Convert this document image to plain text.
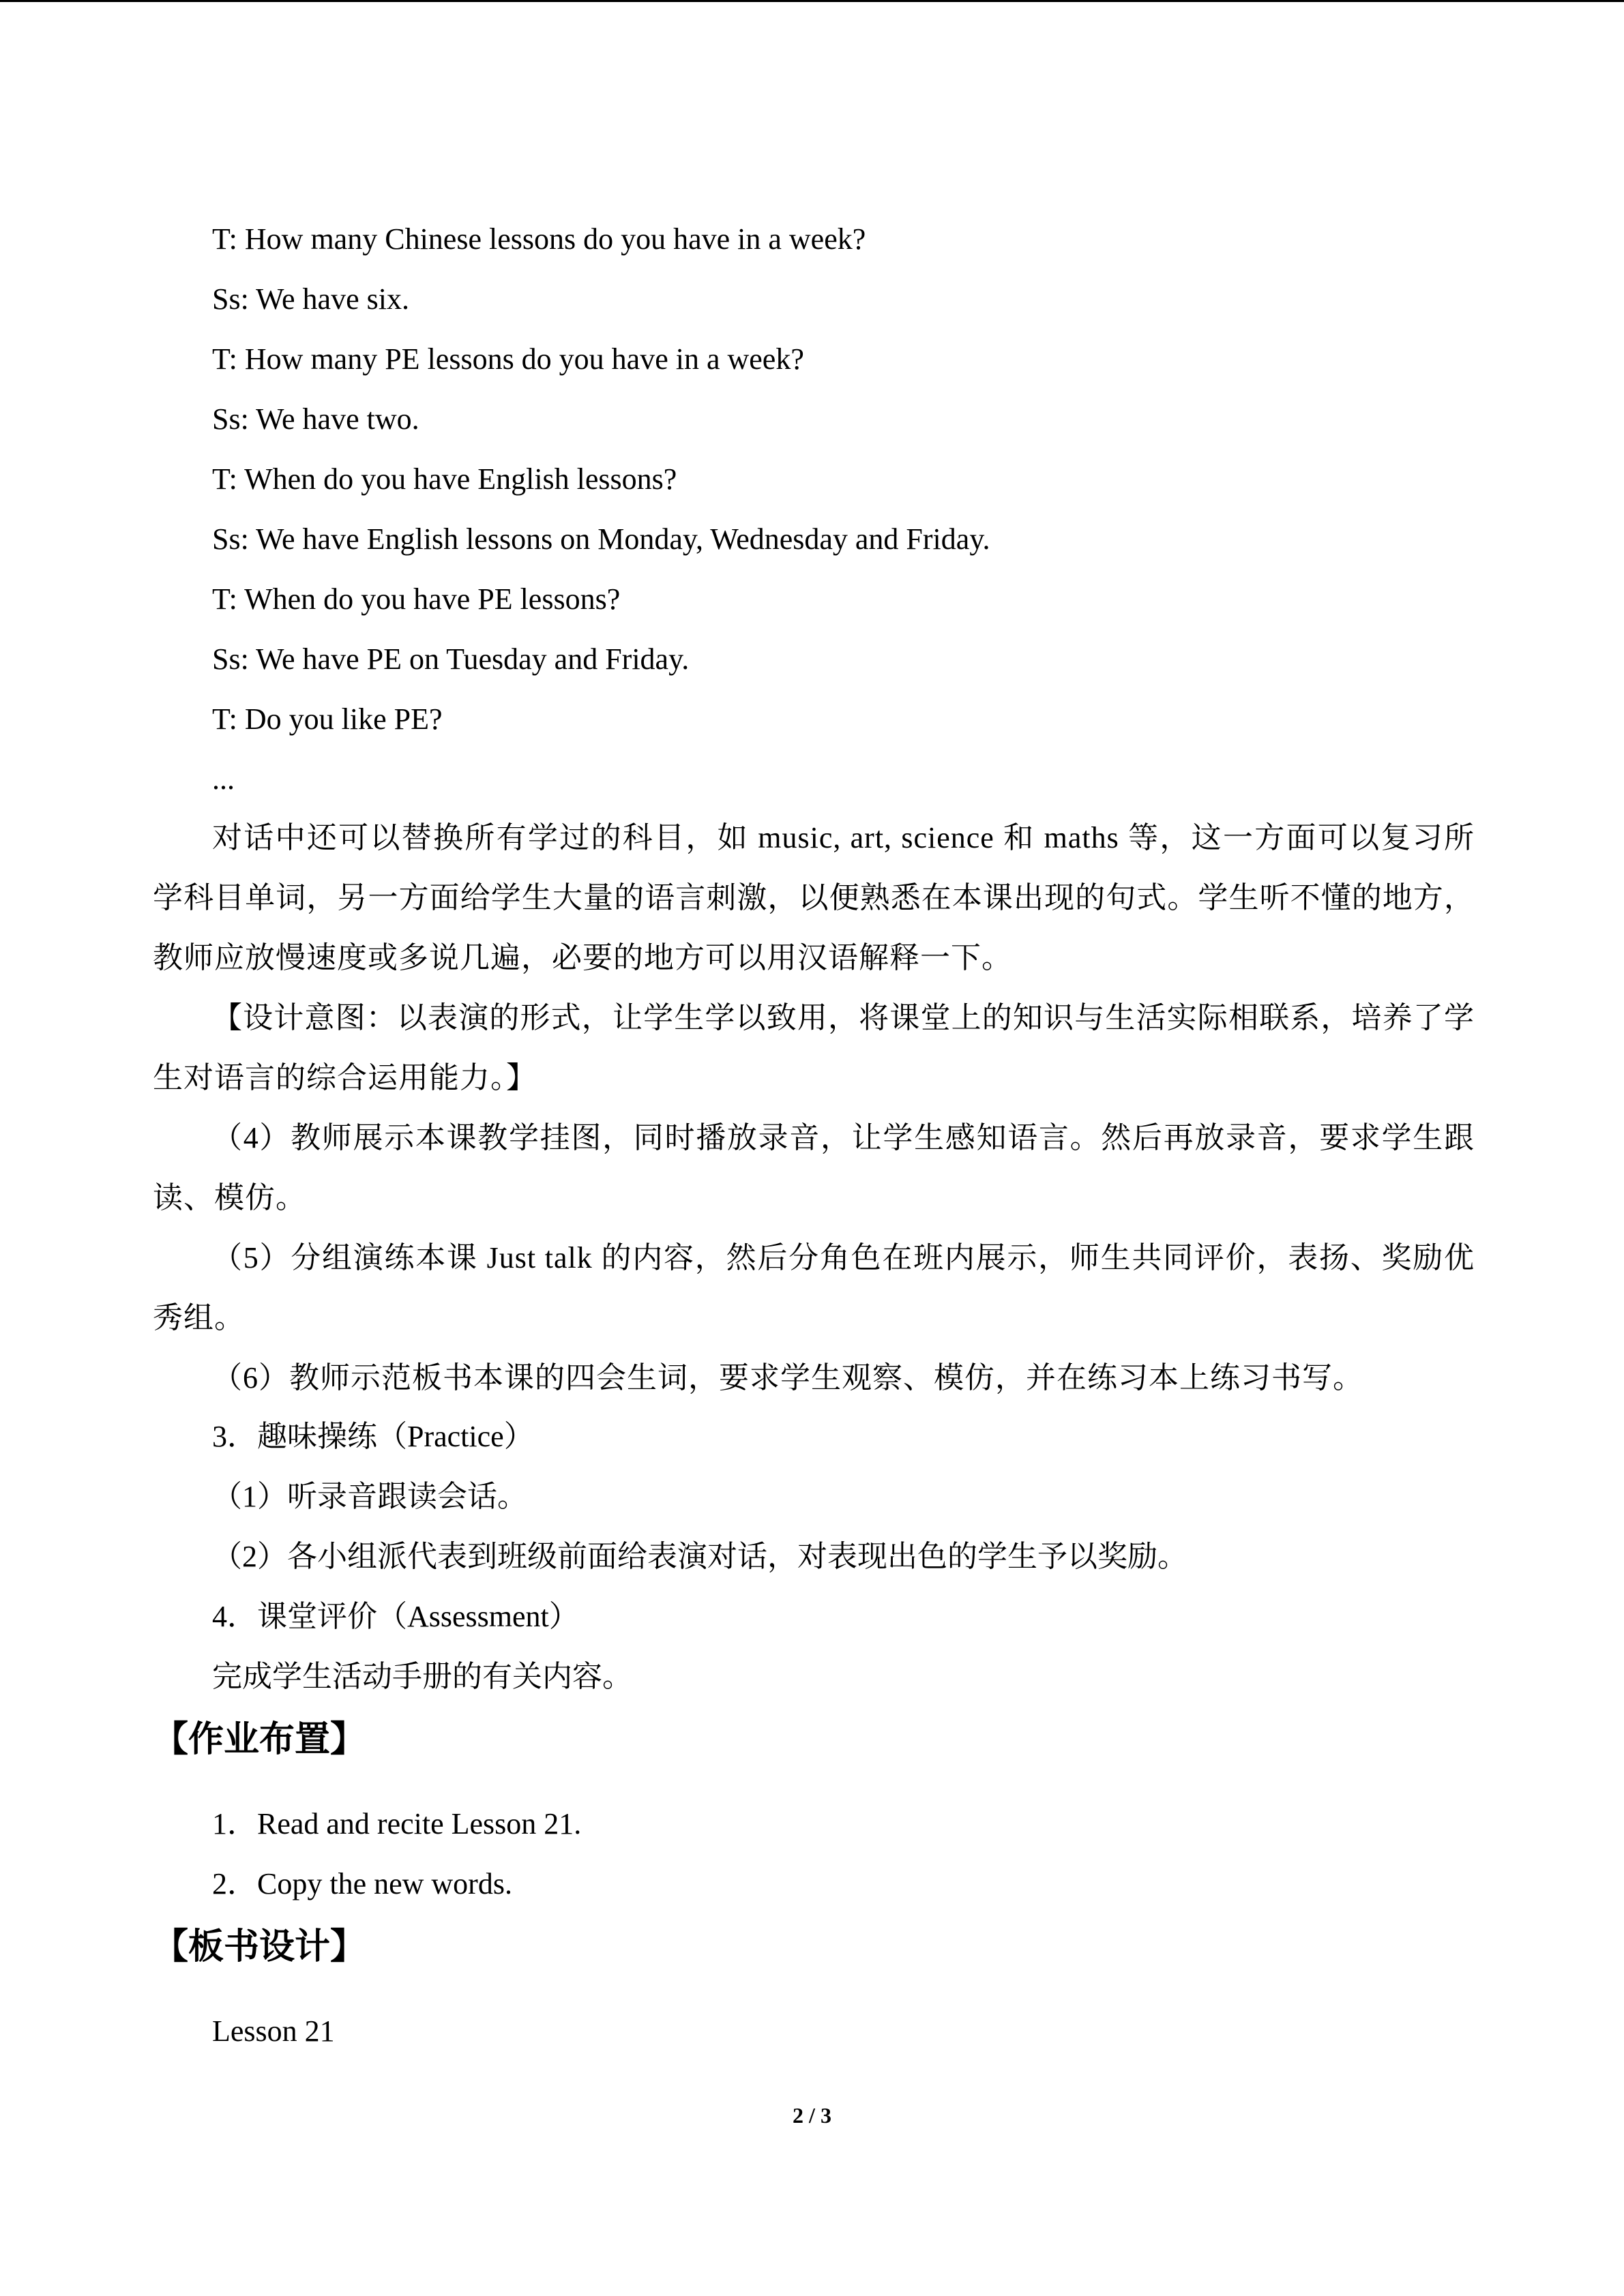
T: How many Chinese lessons do you have in a week?
Ss: We have six.
T: How many PE lessons do you have in a week?
Ss: We have two.
T: When do you have English lessons?
Ss: We have English lessons on Monday, Wednesday and Friday.
T: When do you have PE lessons?
Ss: We have PE on Tuesday and Friday.
T: Do you like PE?
...
对话中还可以替换所有学过的科目，如 music, art, science 和 maths 等，这一方面可以复习所学科目单词，另一方面给学生大量的语言刺激，以便熟悉在本课出现的句式。学生听不懂的地方，教师应放慢速度或多说几遍，必要的地方可以用汉语解释一下。
【设计意图：以表演的形式，让学生学以致用，将课堂上的知识与生活实际相联系，培养了学生对语言的综合运用能力。】
（4）教师展示本课教学挂图，同时播放录音，让学生感知语言。然后再放录音，要求学生跟读、模仿。
（5）分组演练本课 Just talk 的内容，然后分角色在班内展示，师生共同评价，表扬、奖励优秀组。
（6）教师示范板书本课的四会生词，要求学生观察、模仿，并在练习本上练习书写。
3．趣味操练（Practice）
（1）听录音跟读会话。
（2）各小组派代表到班级前面给表演对话，对表现出色的学生予以奖励。
4．课堂评价（Assessment）
完成学生活动手册的有关内容。
【作业布置】
1．Read and recite Lesson 21.
2．Copy the new words.
【板书设计】
Lesson 21
2 / 3
